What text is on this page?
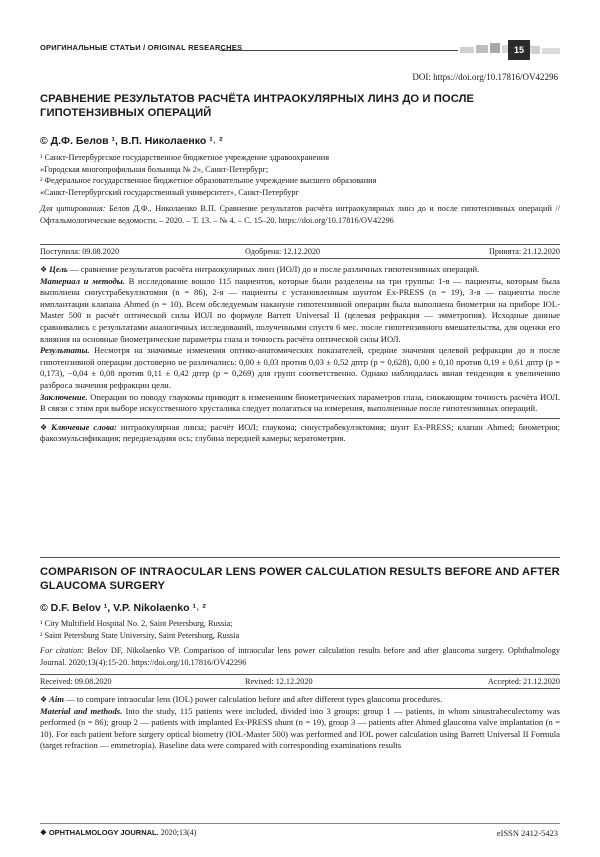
ОРИГИНАЛЬНЫЕ СТАТЬИ / ORIGINAL RESEARCHES	15
DOI: https://doi.org/10.17816/OV42296
СРАВНЕНИЕ РЕЗУЛЬТАТОВ РАСЧЁТА ИНТРАОКУЛЯРНЫХ ЛИНЗ ДО И ПОСЛЕ ГИПОТЕНЗИВНЫХ ОПЕРАЦИЙ
© Д.Ф. Белов ¹, В.П. Николаенко ¹˒ ²
¹ Санкт-Петербургское государственное бюджетное учреждение здравоохранения
«Городская многопрофильная больница № 2», Санкт-Петербург;
² Федеральное государственное бюджетное образовательное учреждение высшего образования
«Санкт-Петербургский государственный университет», Санкт-Петербург
Для цитирования: Белов Д.Ф., Николаенко В.П. Сравнение результатов расчёта интраокулярных линз до и после гипотензивных операций // Офтальмологические ведомости. – 2020. – Т. 13. – № 4. – С. 15–20. https://doi.org/10.17816/OV42296
Поступила: 09.08.2020	Одобрена: 12.12.2020	Принята: 21.12.2020

❖ Цель — сравнение результатов расчёта интраокулярных линз (ИОЛ) до и после различных гипотензивных операций.

Материал и методы. В исследование вошло 115 пациентов, которые были разделены на три группы: 1-я — пациенты, которым была выполнена синустрабекулэктомия (n = 86), 2-я — пациенты с установленным шунтом Ex-PRESS (n = 19), 3-я — пациенты после имплантации клапана Ahmed (n = 10). Всем обследуемым накануне гипотензивной операции была выполнена биометрия на приборе IOL-Master 500 и расчёт оптической силы ИОЛ по формуле Barrett Universal II (целевая рефракция — эмметропия). Исходные данные сравнивались с результатами аналогичных исследований, полученными спустя 6 мес. после гипотензивного вмешательства, для оценки его влияния на основные биометрические параметры глаза и точность расчёта оптической силы ИОЛ.

Результаты. Несмотря на значимые изменения оптико-анатомических показателей, средние значения целевой рефракции до и после гипотензивной операции достоверно не различались: 0,00 ± 0,03 против 0,03 ± 0,52 дптр (p = 0,628), 0,00 ± 0,10 против 0,19 ± 0,61 дптр (p = 0,173), −0,04 ± 0,08 против 0,11 ± 0,42 дптр (p = 0,269) для групп соответственно. Однако наблюдалась явная тенденция к увеличению разброса значения рефракции цели.

Заключение. Операции по поводу глаукомы приводят к изменениям биометрических параметров глаза, снижающим точность расчёта ИОЛ. В связи с этим при выборе искусственного хрусталика следует полагаться на измерения, выполненные после гипотензивных операций.

❖ Ключевые слова: интраокулярная линза; расчёт ИОЛ; глаукома; синустрабекулэктомия; шунт Ex-PRESS; клапан Ahmed; биометрия; факоэмульсификация; переднезадняя ось; глубина передней камеры; кератометрия.

COMPARISON OF INTRAOCULAR LENS POWER CALCULATION RESULTS BEFORE AND AFTER GLAUCOMA SURGERY
© D.F. Belov ¹, V.P. Nikolaenko ¹˒ ²
¹ City Multifield Hospital No. 2, Saint Petersburg, Russia;
² Saint Petersburg State University, Saint Petersburg, Russia
For citation: Belov DF, Nikolaenko VP. Comparison of intraocular lens power calculation results before and after glaucoma surgery. Ophthalmology Journal. 2020;13(4):15-20. https://doi.org/10.17816/OV42296
Received: 09.08.2020	Revised: 12.12.2020	Accepted: 21.12.2020

❖ Aim — to compare intraocular lens (IOL) power calculation before and after different types glaucoma procedures.

Material and methods. Into the study, 115 patients were included, divided into 3 groups: group 1 — patients, in whom sinustrabeculectomy was performed (n = 86); group 2 — patients with implanted Ex-PRESS shunt (n = 19), group 3 — patients after Ahmed glaucoma valve implantation (n = 10). For each patient before surgery optical biometry (IOL-Master 500) was performed and IOL power calculation using Barrett Universal II Formula (target refraction — emmetropia). Baseline data were compared with corresponding examinations results

❖ OPHTHALMOLOGY JOURNAL. 2020;13(4)	eISSN 2412-5423
